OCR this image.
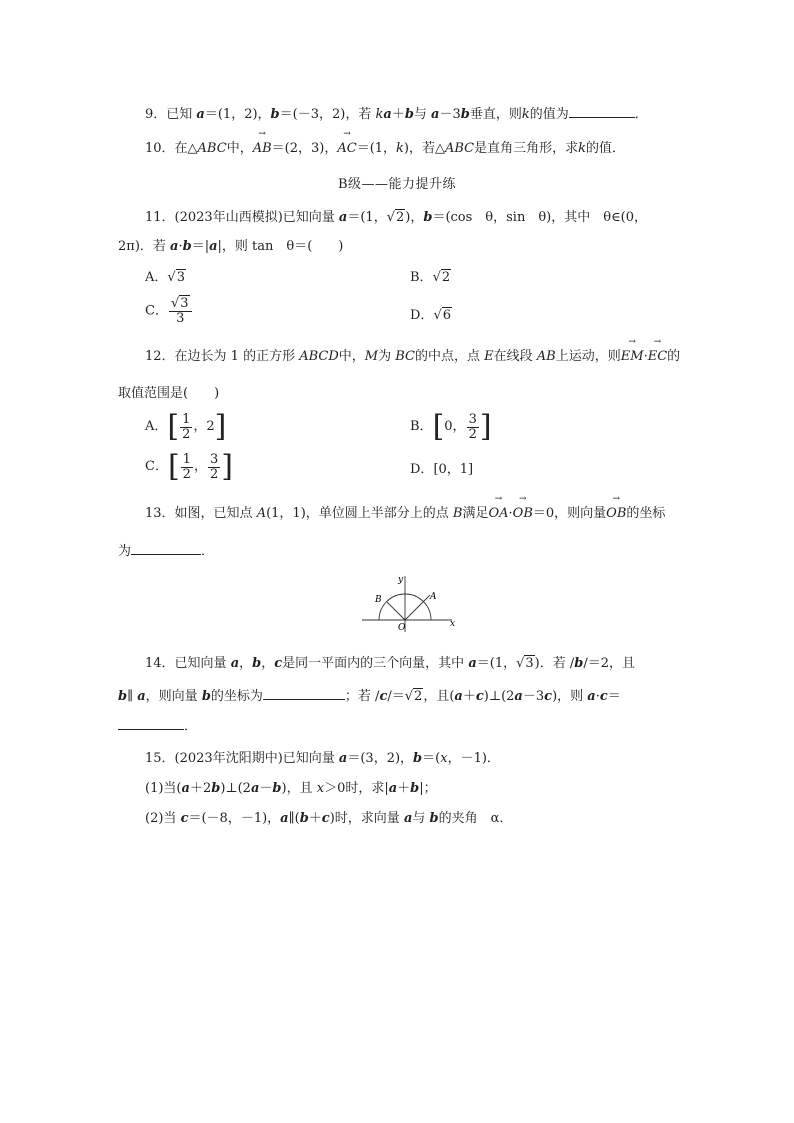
9．已知 a＝(1，2)，b＝(－3，2)，若 ka＋b与 a－3b垂直，则k的值为	．
10．在△ABC中，→ AB＝(2，3)，→ AC＝(1，k)，若△ABC是直角三角形，求k的值．
B级——能力提升练
11．(2023年山西模拟)已知向量 a＝(1，√2)，b＝(cos　θ，sin　θ)，其中　θ∈(0，
2π)．若 a·b＝|a|，则 tan　θ＝(　　)
A．√3	B．√2
C． $\frac{√3}{3}$	D．√6
12．在边长为 1 的正方形 ABCD中，M为 BC的中点，点 E在线段 AB上运动，则→ EM·→ EC的
取值范围是(　　)
A．[ $\frac{1}{2}$ ，2]	B．[0， $\frac{3}{2}$ ]
C．[ $\frac{1}{2}$ ， $\frac{3}{2}$ ]	D．[0，1]
13．如图，已知点 A(1，1)，单位圆上半部分上的点 B满足→ OA·→ OB＝0，则向量→ OB的坐标
为	．
y
x
B	A
O
14．已知向量 a，b，c是同一平面内的三个向量，其中 a＝(1，√3)．若 /b/＝2，且
b∥ a，则向量 b的坐标为	；若 /c/＝√2，且(a＋c)⊥(2a－3c)，则 a·c＝
．
15．(2023年沈阳期中)已知向量 a＝(3，2)，b＝(x，－1)．
(1)当(a＋2b)⊥(2a－b)，且 x＞0时，求|a＋b|；
(2)当 c＝(－8，－1)，a∥(b＋c)时，求向量 a与 b的夹角　α．
